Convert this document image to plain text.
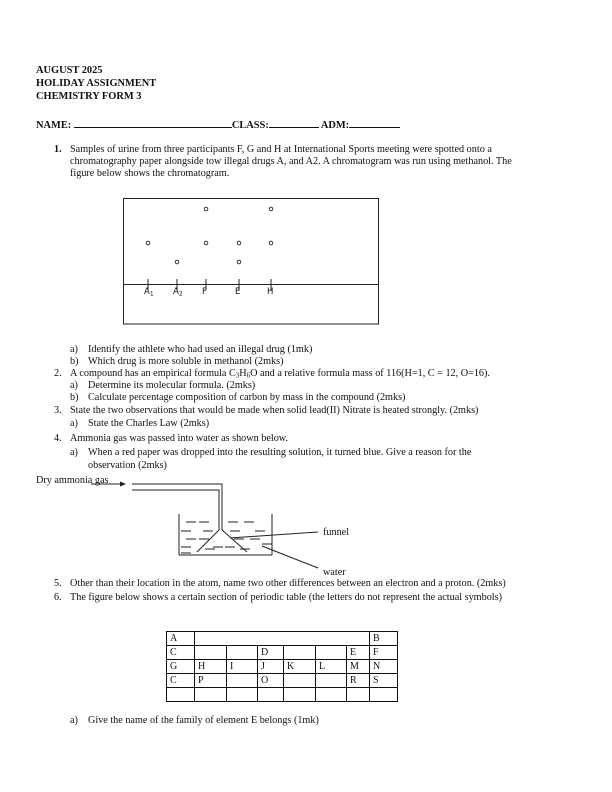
AUGUST 2025
HOLIDAY ASSIGNMENT
CHEMISTRY FORM 3
NAME:	CLASS:	ADM:
1. Samples of urine from three participants F, G and H at International Sports meeting were spotted onto a
chromatography paper alongside tow illegal drugs A, and A2. A chromatogram was run using methanol. The
figure below shows the chromatogram.
Dry ammonia gas
funnel
water
$A_1$ $A_2$ F	E	H
a) Identify the athlete who had used an illegal drug (1mk)
b) Which drug is more soluble in methanol (2mks)
2. A compound has an empirical formula $C_3H_6O$ and a relative formula mass of 116(H=1, C = 12, O=16).
a) Determine its molecular formula. (2mks)
b) Calculate percentage composition of carbon by mass in the compound (2mks)
3. State the two observations that would be made when solid lead(II) Nitrate is heated strongly. (2mks)
a) State the Charles Law (2mks)
4. Ammonia gas was passed into water as shown below.
a) When a red paper was dropped into the resulting solution, it turned blue. Give a reason for the
observation (2mks)
5. Other than their location in the atom, name two other differences between an electron and a proton. (2mks)
6. The figure below shows a certain section of periodic table (the letters do not represent the actual symbols)
A							B
C			D			E	F
G	H	I	J	K	L	M	N
C	P		O			R	S

a) Give the name of the family of element E belongs (1mk)
